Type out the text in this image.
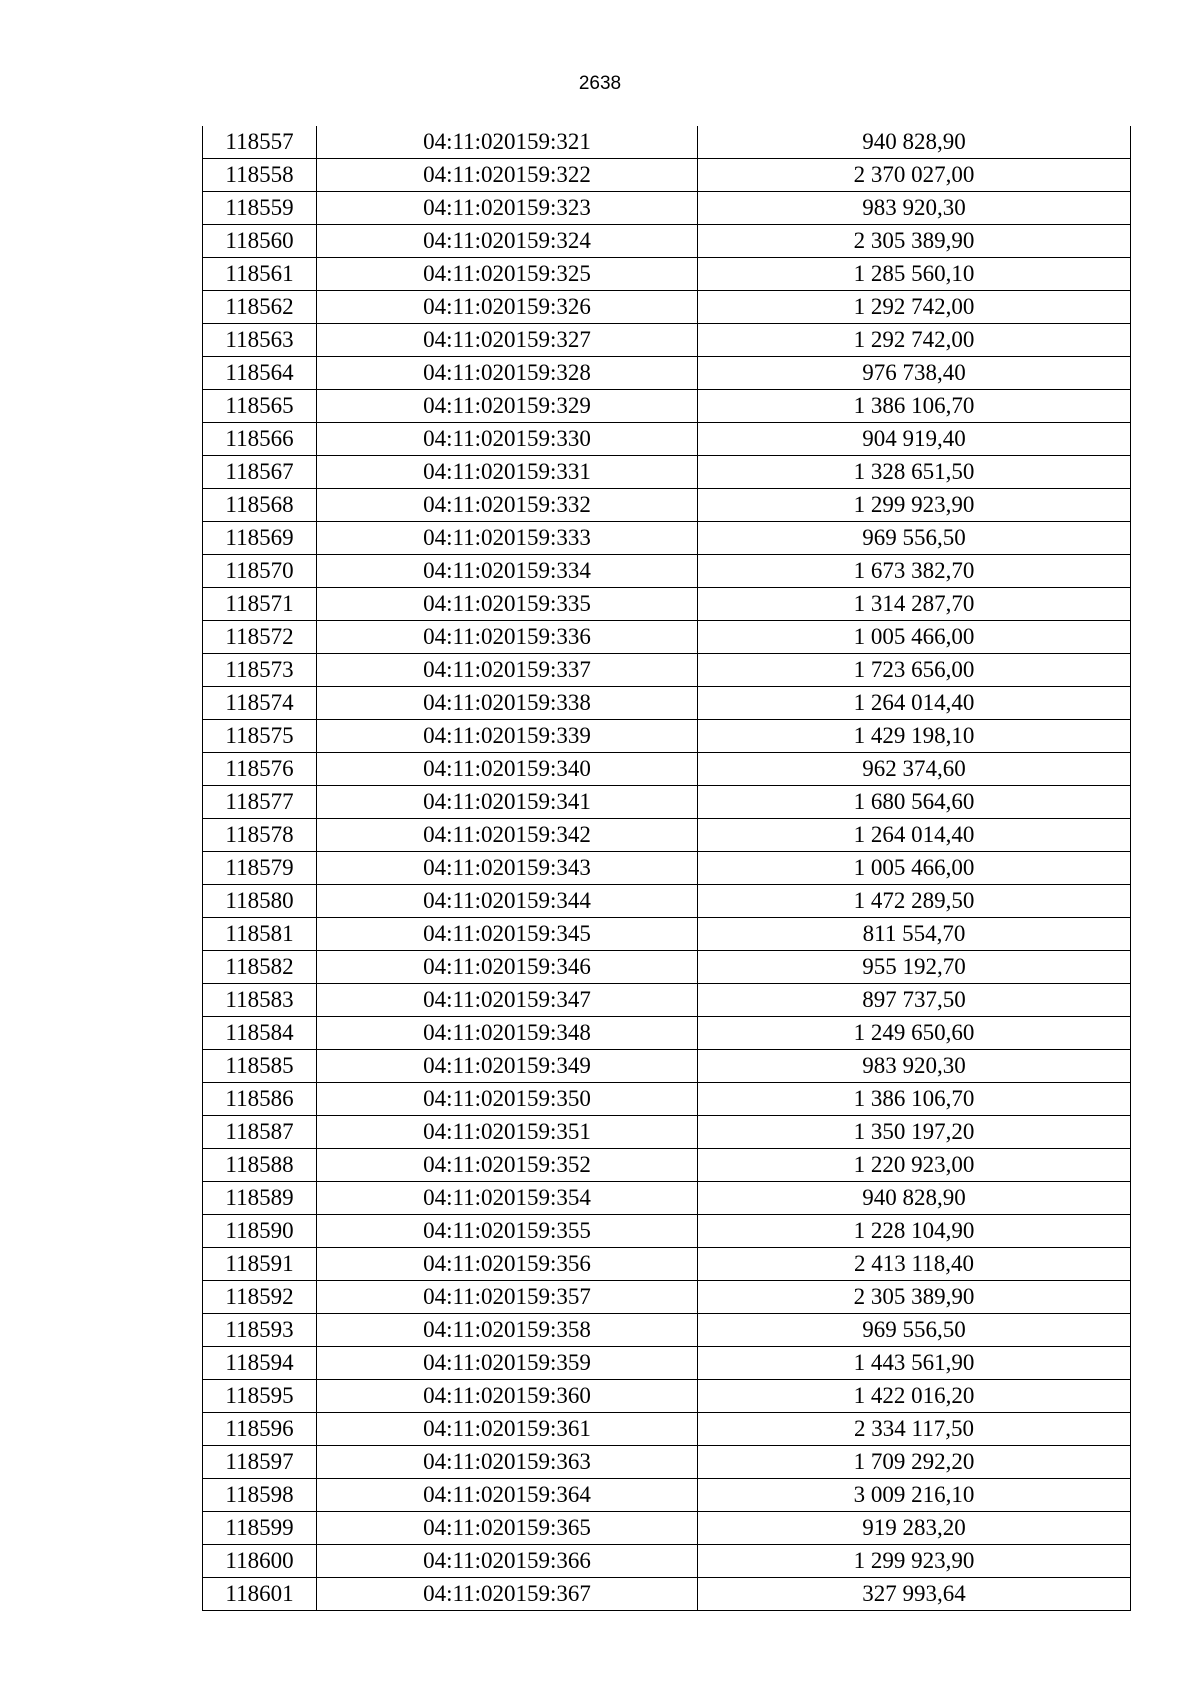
2638
118557	04:11:020159:321	940 828,90
118558	04:11:020159:322	2 370 027,00
118559	04:11:020159:323	983 920,30
118560	04:11:020159:324	2 305 389,90
118561	04:11:020159:325	1 285 560,10
118562	04:11:020159:326	1 292 742,00
118563	04:11:020159:327	1 292 742,00
118564	04:11:020159:328	976 738,40
118565	04:11:020159:329	1 386 106,70
118566	04:11:020159:330	904 919,40
118567	04:11:020159:331	1 328 651,50
118568	04:11:020159:332	1 299 923,90
118569	04:11:020159:333	969 556,50
118570	04:11:020159:334	1 673 382,70
118571	04:11:020159:335	1 314 287,70
118572	04:11:020159:336	1 005 466,00
118573	04:11:020159:337	1 723 656,00
118574	04:11:020159:338	1 264 014,40
118575	04:11:020159:339	1 429 198,10
118576	04:11:020159:340	962 374,60
118577	04:11:020159:341	1 680 564,60
118578	04:11:020159:342	1 264 014,40
118579	04:11:020159:343	1 005 466,00
118580	04:11:020159:344	1 472 289,50
118581	04:11:020159:345	811 554,70
118582	04:11:020159:346	955 192,70
118583	04:11:020159:347	897 737,50
118584	04:11:020159:348	1 249 650,60
118585	04:11:020159:349	983 920,30
118586	04:11:020159:350	1 386 106,70
118587	04:11:020159:351	1 350 197,20
118588	04:11:020159:352	1 220 923,00
118589	04:11:020159:354	940 828,90
118590	04:11:020159:355	1 228 104,90
118591	04:11:020159:356	2 413 118,40
118592	04:11:020159:357	2 305 389,90
118593	04:11:020159:358	969 556,50
118594	04:11:020159:359	1 443 561,90
118595	04:11:020159:360	1 422 016,20
118596	04:11:020159:361	2 334 117,50
118597	04:11:020159:363	1 709 292,20
118598	04:11:020159:364	3 009 216,10
118599	04:11:020159:365	919 283,20
118600	04:11:020159:366	1 299 923,90
118601	04:11:020159:367	327 993,64
